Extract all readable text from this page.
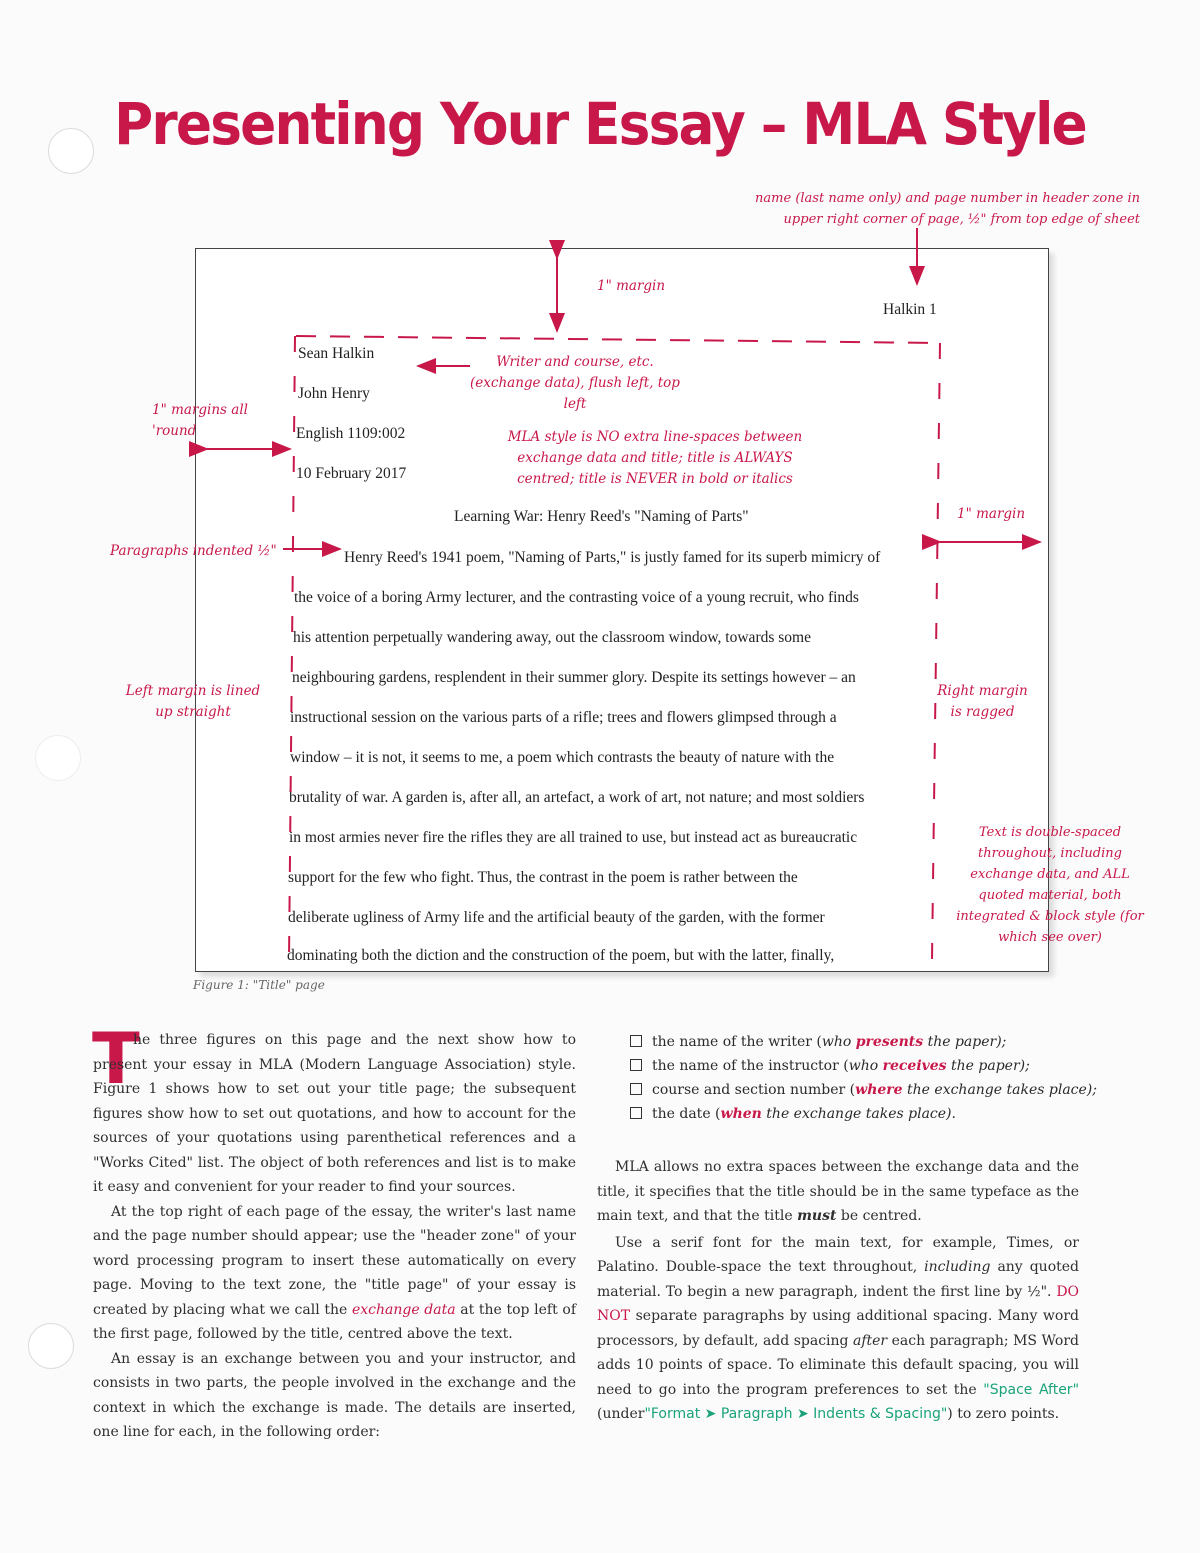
Presenting Your Essay – MLA Style
name (last name only) and page number in header zone in upper right corner of page, ½" from top edge of sheet
Halkin 1
Sean Halkin
John Henry
English 1109:002
10 February 2017
Learning War: Henry Reed's "Naming of Parts"
Henry Reed's 1941 poem, "Naming of Parts," is justly famed for its superb mimicry of
the voice of a boring Army lecturer, and the contrasting voice of a young recruit, who finds
his attention perpetually wandering away, out the classroom window, towards some
neighbouring gardens, resplendent in their summer glory. Despite its settings however – an
instructional session on the various parts of a rifle; trees and flowers glimpsed through a
window – it is not, it seems to me, a poem which contrasts the beauty of nature with the
brutality of war. A garden is, after all, an artefact, a work of art, not nature; and most soldiers
in most armies never fire the rifles they are all trained to use, but instead act as bureaucratic
support for the few who fight. Thus, the contrast in the poem is rather between the
deliberate ugliness of Army life and the artificial beauty of the garden, with the former
dominating both the diction and the construction of the poem, but with the latter, finally,
1" margin
Writer and course, etc. (exchange data), flush left, top left
1" margins all 'round	MLA style is NO extra line-spaces between exchange data and title; title is ALWAYS centred; title is NEVER in bold or italics
1" margin
Paragraphs indented ½"
Left margin is lined up straight
Right margin is ragged
Text is double-spaced throughout, including exchange data, and ALL quoted material, both integrated & block style (for which see over)
Figure 1: "Title" page
T

he three figures on this page and the next show how to present your essay in MLA (Modern Language Association) style. Figure 1 shows how to set out your title page; the subsequent figures show how to set out quotations, and how to account for the sources of your quotations using parenthetical references and a "Works Cited" list. The object of both references and list is to make it easy and convenient for your reader to find your sources.

At the top right of each page of the essay, the writer's last name and the page number should appear; use the "header zone" of your word processing program to insert these automatically on every page. Moving to the text zone, the "title page" of your essay is created by placing what we call the exchange data at the top left of the first page, followed by the title, centred above the text.

An essay is an exchange between you and your instructor, and consists in two parts, the people involved in the exchange and the context in which the exchange is made. The details are inserted, one line for each, in the following order:

the name of the writer (who presents the paper);
the name of the instructor (who receives the paper);
course and section number (where the exchange takes place);
the date (when the exchange takes place).

MLA allows no extra spaces between the exchange data and the title, it specifies that the title should be in the same typeface as the main text, and that the title must be centred.

Use a serif font for the main text, for example, Times, or Palatino. Double-space the text throughout, including any quoted material. To begin a new paragraph, indent the first line by ½". DO NOT separate paragraphs by using additional spacing. Many word processors, by default, add spacing after each paragraph; MS Word adds 10 points of space. To eliminate this default spacing, you will need to go into the program preferences to set the "Space After" (under"Format ➤ Paragraph ➤ Indents & Spacing") to zero points.
